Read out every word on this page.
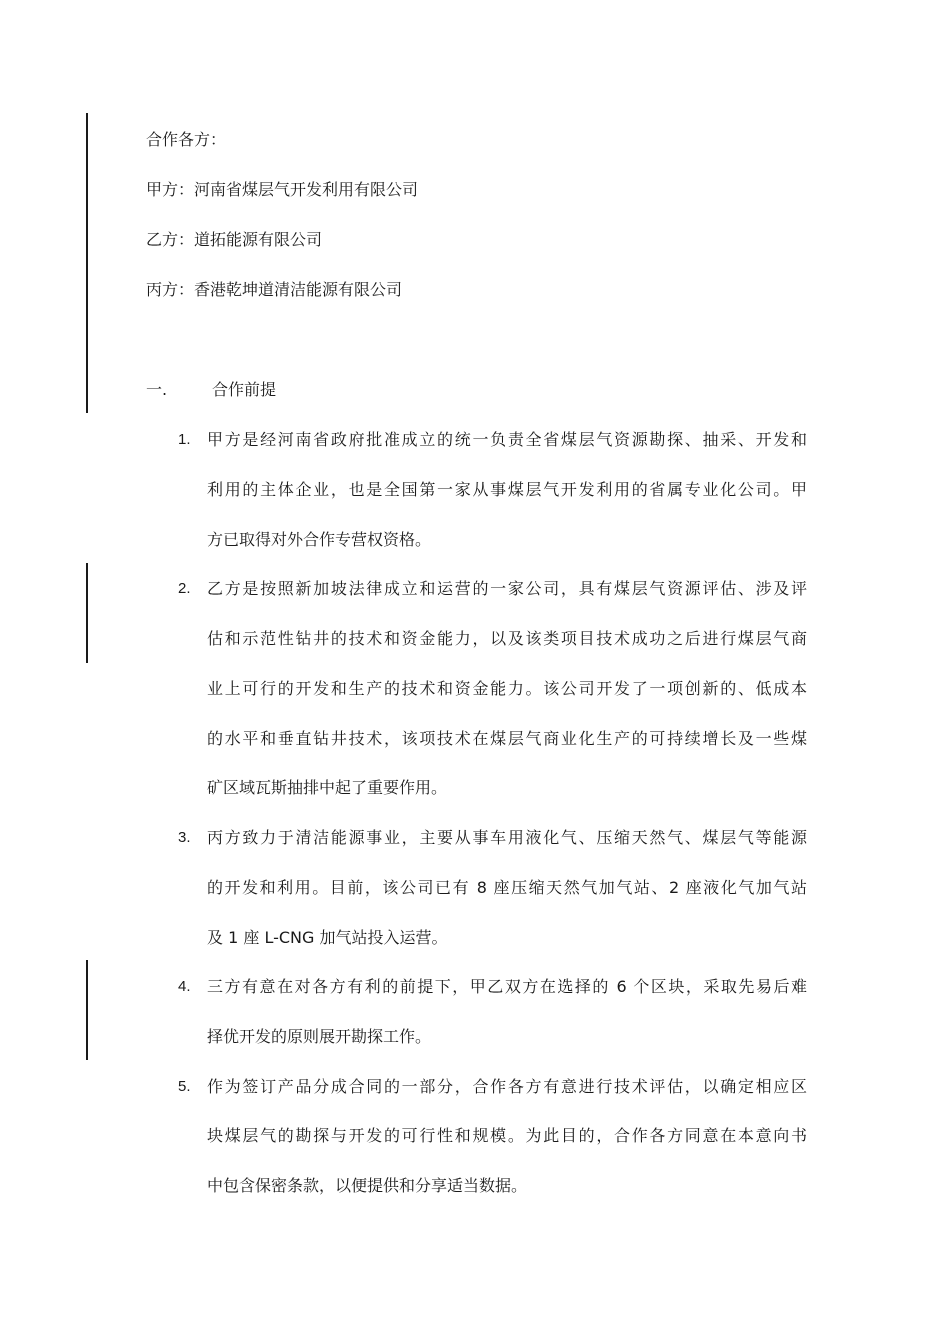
合作各方：
甲方：河南省煤层气开发利用有限公司
乙方：道拓能源有限公司
丙方：香港乾坤道清洁能源有限公司
一.	合作前提
1. 甲方是经河南省政府批准成立的统一负责全省煤层气资源勘探、抽采、开发和
利用的主体企业，也是全国第一家从事煤层气开发利用的省属专业化公司。甲
方已取得对外合作专营权资格。
2. 乙方是按照新加坡法律成立和运营的一家公司，具有煤层气资源评估、涉及评
估和示范性钻井的技术和资金能力，以及该类项目技术成功之后进行煤层气商
业上可行的开发和生产的技术和资金能力。该公司开发了一项创新的、低成本
的水平和垂直钻井技术，该项技术在煤层气商业化生产的可持续增长及一些煤
矿区域瓦斯抽排中起了重要作用。
3. 丙方致力于清洁能源事业，主要从事车用液化气、压缩天然气、煤层气等能源
的开发和利用。目前，该公司已有 8 座压缩天然气加气站、2 座液化气加气站
及 1 座 L-CNG 加气站投入运营。
4. 三方有意在对各方有利的前提下，甲乙双方在选择的 6 个区块，采取先易后难
择优开发的原则展开勘探工作。
5. 作为签订产品分成合同的一部分，合作各方有意进行技术评估，以确定相应区
块煤层气的勘探与开发的可行性和规模。为此目的，合作各方同意在本意向书
中包含保密条款，以便提供和分享适当数据。
